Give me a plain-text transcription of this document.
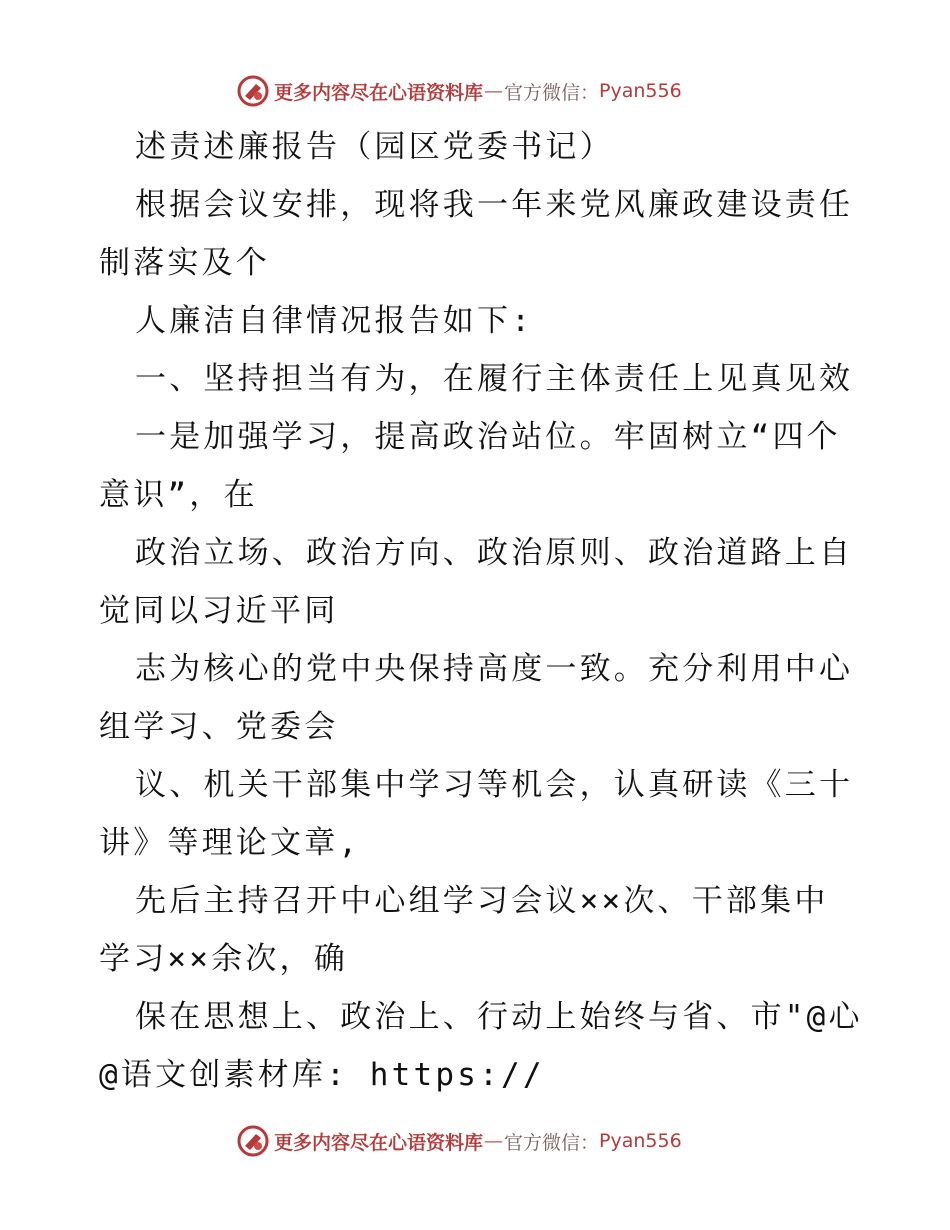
更多内容尽在心语资料库 — 官方微信： Pyan556
述责述廉报告（园区党委书记）
根据会议安排，现将我一年来党风廉政建设责任
制落实及个
人廉洁自律情况报告如下:
一、坚持担当有为，在履行主体责任上见真见效
一是加强学习，提高政治站位。牢固树立“四个
意识”，在
政治立场、政治方向、政治原则、政治道路上自
觉同以习近平同
志为核心的党中央保持高度一致。充分利用中心
组学习、党委会
议、机关干部集中学习等机会，认真研读《三十
讲》等理论文章,
先后主持召开中心组学习会议××次、干部集中
学习××余次，确
保在思想上、政治上、行动上始终与省、市"@心
@语文创素材库: https://
更多内容尽在心语资料库 — 官方微信： Pyan556
